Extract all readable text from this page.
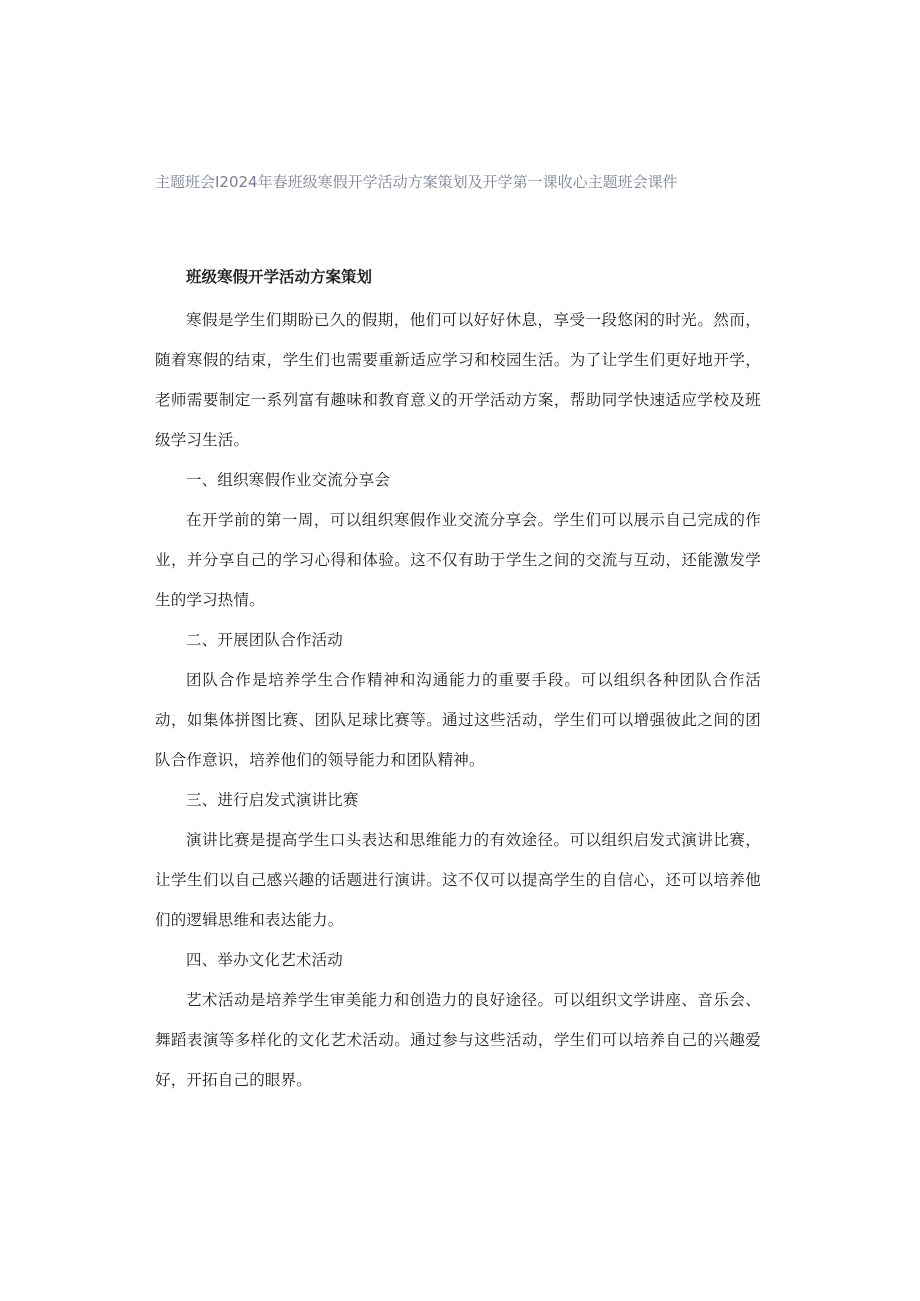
主题班会I2024年春班级寒假开学活动方案策划及开学第一课收心主题班会课件

班级寒假开学活动方案策划

寒假是学生们期盼已久的假期，他们可以好好休息，享受一段悠闲的时光。然而，随着寒假的结束，学生们也需要重新适应学习和校园生活。为了让学生们更好地开学，老师需要制定一系列富有趣味和教育意义的开学活动方案，帮助同学快速适应学校及班级学习生活。

一、组织寒假作业交流分享会

在开学前的第一周，可以组织寒假作业交流分享会。学生们可以展示自己完成的作业，并分享自己的学习心得和体验。这不仅有助于学生之间的交流与互动，还能激发学生的学习热情。

二、开展团队合作活动

团队合作是培养学生合作精神和沟通能力的重要手段。可以组织各种团队合作活动，如集体拼图比赛、团队足球比赛等。通过这些活动，学生们可以增强彼此之间的团队合作意识，培养他们的领导能力和团队精神。

三、进行启发式演讲比赛

演讲比赛是提高学生口头表达和思维能力的有效途径。可以组织启发式演讲比赛，让学生们以自己感兴趣的话题进行演讲。这不仅可以提高学生的自信心，还可以培养他们的逻辑思维和表达能力。

四、举办文化艺术活动

艺术活动是培养学生审美能力和创造力的良好途径。可以组织文学讲座、音乐会、舞蹈表演等多样化的文化艺术活动。通过参与这些活动，学生们可以培养自己的兴趣爱好，开拓自己的眼界。
